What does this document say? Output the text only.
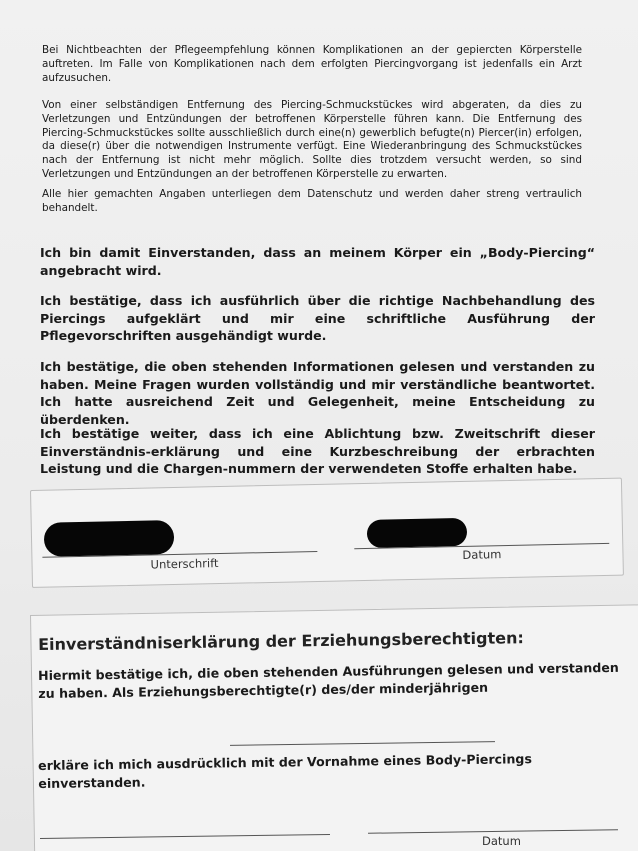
Bei Nichtbeachten der Pflegeempfehlung können Komplikationen an der gepiercten Körperstelle auftreten. Im Falle von Komplikationen nach dem erfolgten Piercingvorgang ist jedenfalls ein Arzt aufzusuchen.

Von einer selbständigen Entfernung des Piercing-Schmuckstückes wird abgeraten, da dies zu Verletzungen und Entzündungen der betroffenen Körperstelle führen kann. Die Entfernung des Piercing-Schmuckstückes sollte ausschließlich durch eine(n) gewerblich befugte(n) Piercer(in) erfolgen, da diese(r) über die notwendigen Instrumente verfügt. Eine Wiederanbringung des Schmuckstückes nach der Entfernung ist nicht mehr möglich. Sollte dies trotzdem versucht werden, so sind Verletzungen und Entzündungen an der betroffenen Körperstelle zu erwarten.

Alle hier gemachten Angaben unterliegen dem Datenschutz und werden daher streng vertraulich behandelt.

Ich bin damit Einverstanden, dass an meinem Körper ein „Body-Piercing“ angebracht wird.

Ich bestätige, dass ich ausführlich über die richtige Nachbehandlung des Piercings aufgeklärt und mir eine schriftliche Ausführung der Pflegevorschriften ausgehändigt wurde.

Ich bestätige, die oben stehenden Informationen gelesen und verstanden zu haben. Meine Fragen wurden vollständig und mir verständliche beantwortet. Ich hatte ausreichend Zeit und Gelegenheit, meine Entscheidung zu überdenken.

Ich bestätige weiter, dass ich eine Ablichtung bzw. Zweitschrift dieser Einverständnis-erklärung und eine Kurzbeschreibung der erbrachten Leistung und die Chargen-nummern der verwendeten Stoffe erhalten habe.

Unterschrift
Datum
Einverständniserklärung der Erziehungsberechtigten:

Hiermit bestätige ich, die oben stehenden Ausführungen gelesen und verstanden zu haben. Als Erziehungsberechtigte(r) des/der minderjährigen

erkläre ich mich ausdrücklich mit der Vornahme eines Body-Piercings einverstanden.

Datum
